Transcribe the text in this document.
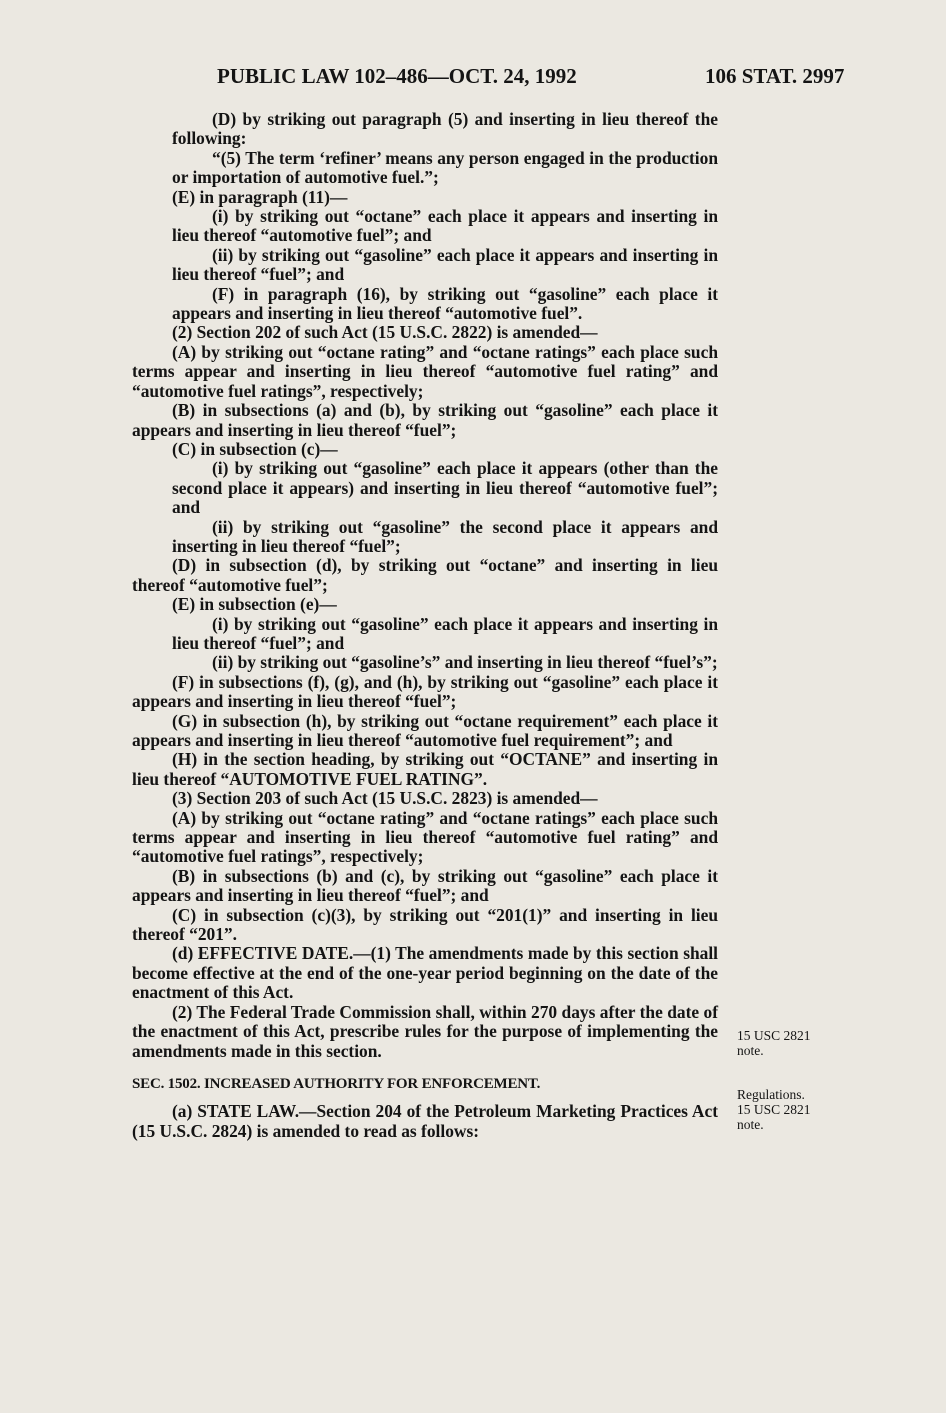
PUBLIC LAW 102–486—OCT. 24, 1992	106 STAT. 2997

(D) by striking out paragraph (5) and inserting in lieu thereof the following:

“(5) The term ‘refiner’ means any person engaged in the production or importation of automotive fuel.”;

(E) in paragraph (11)—

(i) by striking out “octane” each place it appears and inserting in lieu thereof “automotive fuel”; and

(ii) by striking out “gasoline” each place it appears and inserting in lieu thereof “fuel”; and

(F) in paragraph (16), by striking out “gasoline” each place it appears and inserting in lieu thereof “automotive fuel”.

(2) Section 202 of such Act (15 U.S.C. 2822) is amended—

(A) by striking out “octane rating” and “octane ratings” each place such terms appear and inserting in lieu thereof “automotive fuel rating” and “automotive fuel ratings”, respectively;

(B) in subsections (a) and (b), by striking out “gasoline” each place it appears and inserting in lieu thereof “fuel”;

(C) in subsection (c)—

(i) by striking out “gasoline” each place it appears (other than the second place it appears) and inserting in lieu thereof “automotive fuel”; and

(ii) by striking out “gasoline” the second place it appears and inserting in lieu thereof “fuel”;

(D) in subsection (d), by striking out “octane” and inserting in lieu thereof “automotive fuel”;

(E) in subsection (e)—

(i) by striking out “gasoline” each place it appears and inserting in lieu thereof “fuel”; and

(ii) by striking out “gasoline’s” and inserting in lieu thereof “fuel’s”;

(F) in subsections (f), (g), and (h), by striking out “gasoline” each place it appears and inserting in lieu thereof “fuel”;

(G) in subsection (h), by striking out “octane requirement” each place it appears and inserting in lieu thereof “automotive fuel requirement”; and

(H) in the section heading, by striking out “OCTANE” and inserting in lieu thereof “AUTOMOTIVE FUEL RATING”.

(3) Section 203 of such Act (15 U.S.C. 2823) is amended—

(A) by striking out “octane rating” and “octane ratings” each place such terms appear and inserting in lieu thereof “automotive fuel rating” and “automotive fuel ratings”, respectively;

(B) in subsections (b) and (c), by striking out “gasoline” each place it appears and inserting in lieu thereof “fuel”; and

(C) in subsection (c)(3), by striking out “201(1)” and inserting in lieu thereof “201”.

(d) EFFECTIVE DATE.—(1) The amendments made by this section shall become effective at the end of the one-year period beginning on the date of the enactment of this Act.

(2) The Federal Trade Commission shall, within 270 days after the date of the enactment of this Act, prescribe rules for the purpose of implementing the amendments made in this section.

SEC. 1502. INCREASED AUTHORITY FOR ENFORCEMENT.

(a) STATE LAW.—Section 204 of the Petroleum Marketing Practices Act (15 U.S.C. 2824) is amended to read as follows:

15 USC 2821
note.
Regulations.
15 USC 2821
note.
